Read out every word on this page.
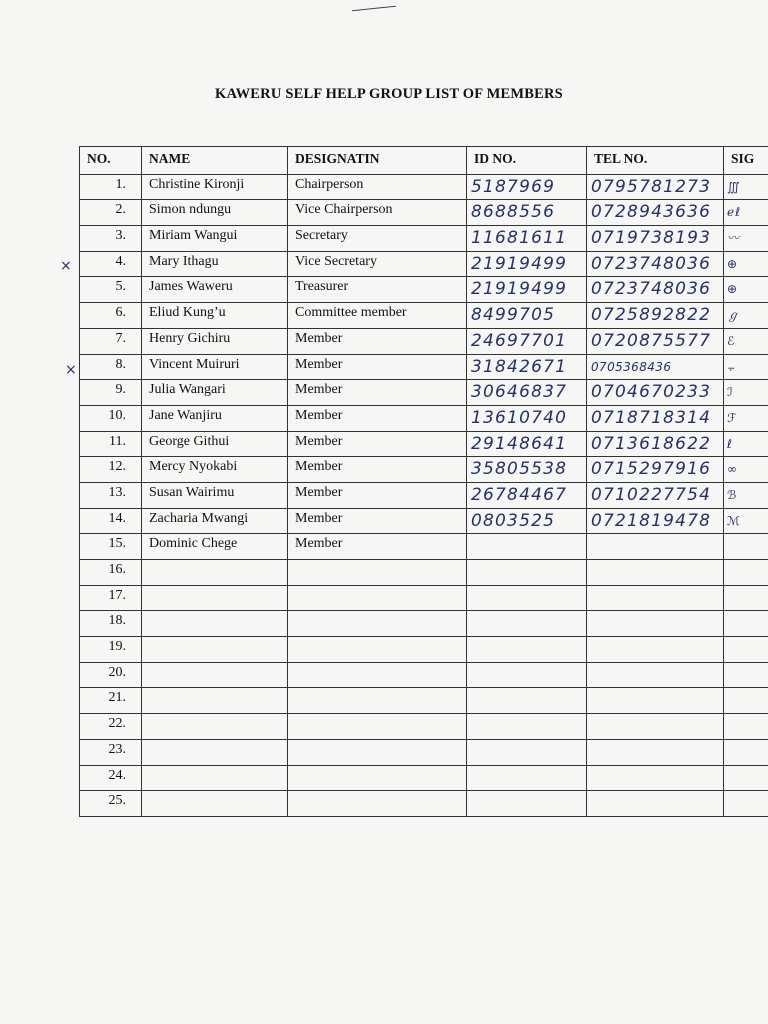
KAWERU SELF HELP GROUP LIST OF MEMBERS
NO.	NAME	DESIGNATIN	ID NO.	TEL NO.	SIG
1.	Christine Kironji	Chairperson	5187969	0795781273	∭
2.	Simon ndungu	Vice Chairperson	8688556	0728943636	ℯℓ
3.	Miriam Wangui	Secretary	11681611	0719738193	〰
4.	Mary Ithagu	Vice Secretary	21919499	0723748036	⊕
5.	James Waweru	Treasurer	21919499	0723748036	⊕
6.	Eliud Kung’u	Committee member	8499705	0725892822	ℊ
7.	Henry Gichiru	Member	24697701	0720875577	ℰ
8.	Vincent Muiruri	Member	31842671	0705368436	⨪
9.	Julia Wangari	Member	30646837	0704670233	ℐ
10.	Jane Wanjiru	Member	13610740	0718718314	ℱ
11.	George Githui	Member	29148641	0713618622	ℓ
12.	Mercy Nyokabi	Member	35805538	0715297916	∞
13.	Susan Wairimu	Member	26784467	0710227754	ℬ
14.	Zacharia Mwangi	Member	0803525	0721819478	ℳ
15.	Dominic Chege	Member			
16.					
17.					
18.					
19.					
20.					
21.					
22.					
23.					
24.					
25.					
×
×
